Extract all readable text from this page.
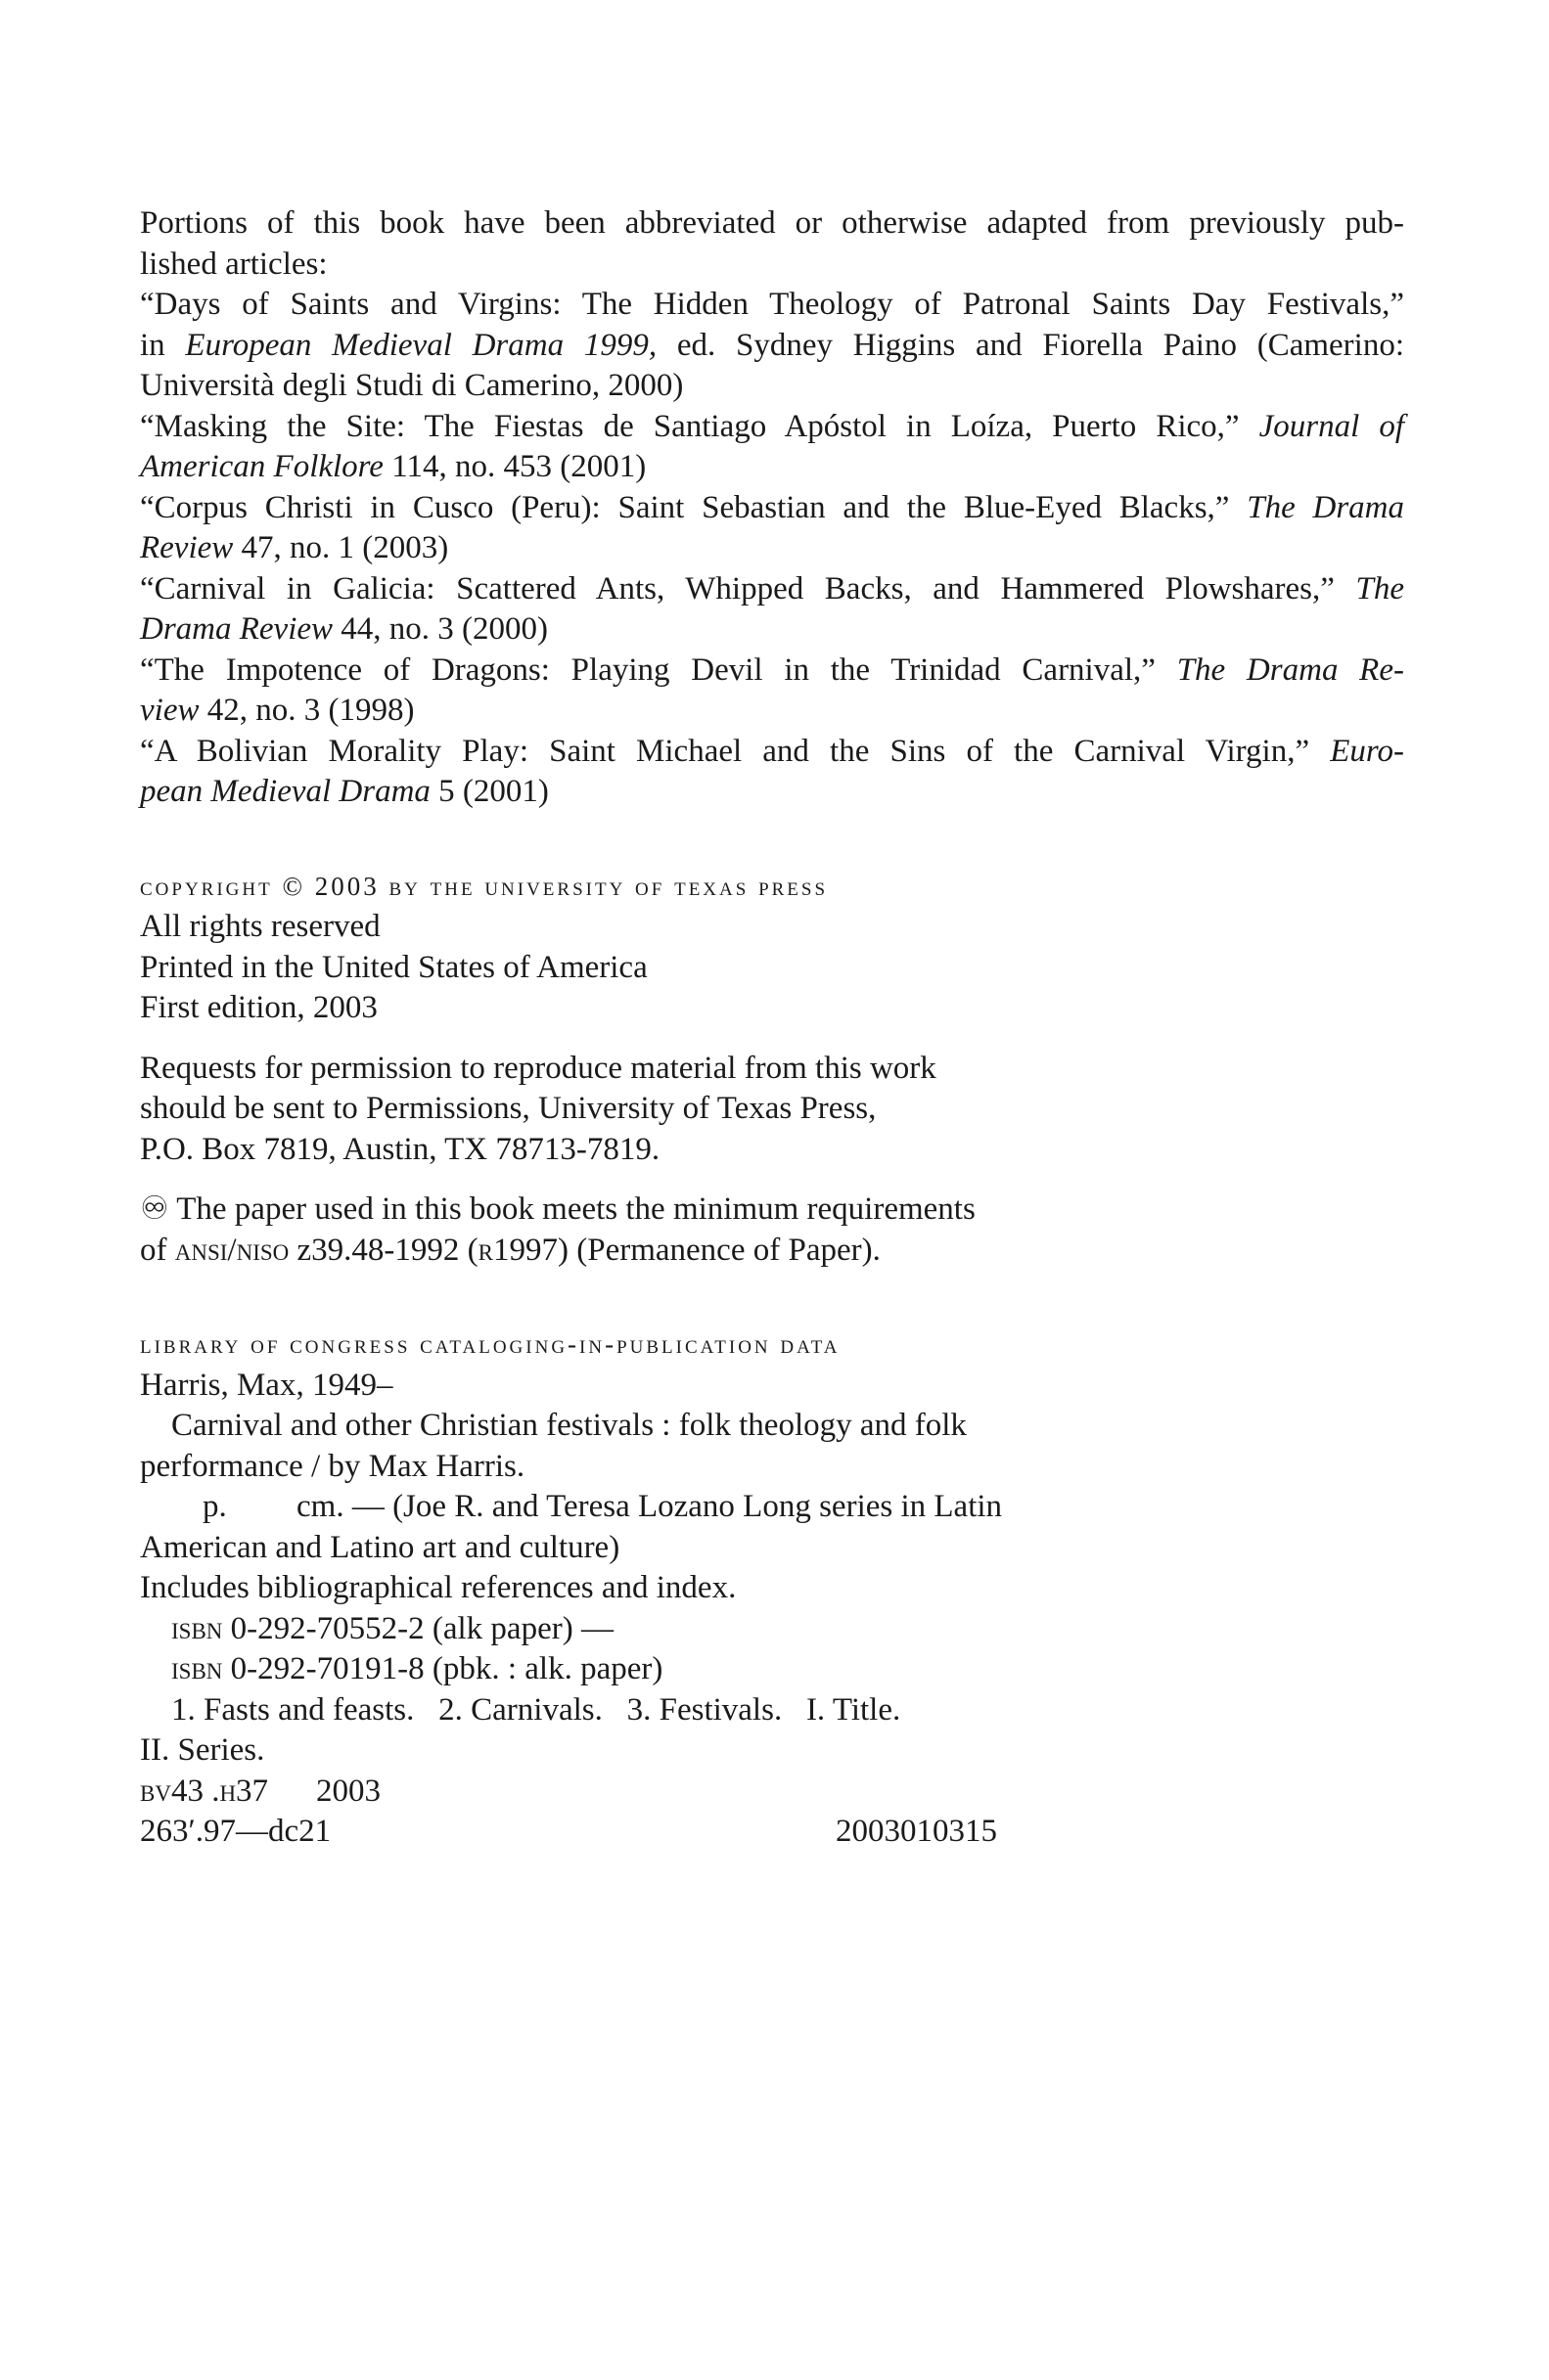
Portions of this book have been abbreviated or otherwise adapted from previously pub-
lished articles:
“Days of Saints and Virgins: The Hidden Theology of Patronal Saints Day Festivals,”
in European Medieval Drama 1999, ed. Sydney Higgins and Fiorella Paino (Camerino:
Università degli Studi di Camerino, 2000)
“Masking the Site: The Fiestas de Santiago Apóstol in Loíza, Puerto Rico,” Journal of
American Folklore 114, no. 453 (2001)
“Corpus Christi in Cusco (Peru): Saint Sebastian and the Blue-Eyed Blacks,” The Drama
Review 47, no. 1 (2003)
“Carnival in Galicia: Scattered Ants, Whipped Backs, and Hammered Plowshares,” The
Drama Review 44, no. 3 (2000)
“The Impotence of Dragons: Playing Devil in the Trinidad Carnival,” The Drama Re-
view 42, no. 3 (1998)
“A Bolivian Morality Play: Saint Michael and the Sins of the Carnival Virgin,” Euro-
pean Medieval Drama 5 (2001)
copyright © 2003 by the university of texas press
All rights reserved
Printed in the United States of America
First edition, 2003
Requests for permission to reproduce material from this work
should be sent to Permissions, University of Texas Press,
P.O. Box 7819, Austin, TX 78713-7819.
♾ The paper used in this book meets the minimum requirements
of ansi/niso z39.48-1992 (r1997) (Permanence of Paper).
library of congress cataloging-in-publication data
Harris, Max, 1949–
Carnival and other Christian festivals : folk theology and folk
performance / by Max Harris.
p. cm. — (Joe R. and Teresa Lozano Long series in Latin
American and Latino art and culture)
Includes bibliographical references and index.
isbn 0-292-70552-2 (alk paper) —
isbn 0-292-70191-8 (pbk. : alk. paper)
1. Fasts and feasts.   2. Carnivals.   3. Festivals.   I. Title.
II. Series.
bv43 .h37 2003
263′.97—dc21	2003010315
